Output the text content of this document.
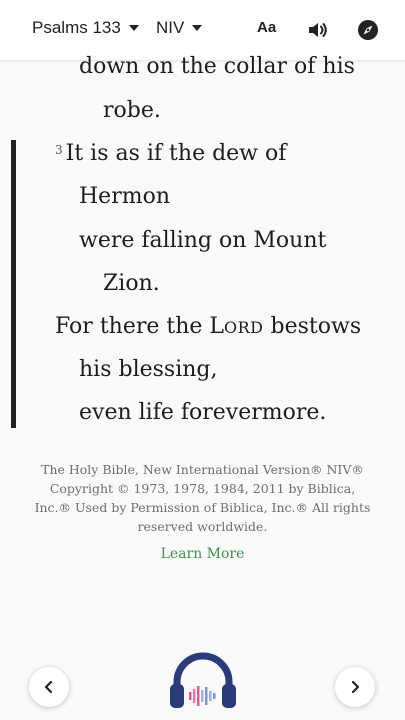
Psalms 133 NIV	Aa
down on the collar of his
robe.
$^3$ It is as if the dew of
Hermon
were falling on Mount
Zion.
For there the LORD bestows
his blessing,
even life forevermore.
The Holy Bible, New International Version® NIV® Copyright © 1973, 1978, 1984, 2011 by Biblica, Inc.® Used by Permission of Biblica, Inc.® All rights reserved worldwide.
Learn More
